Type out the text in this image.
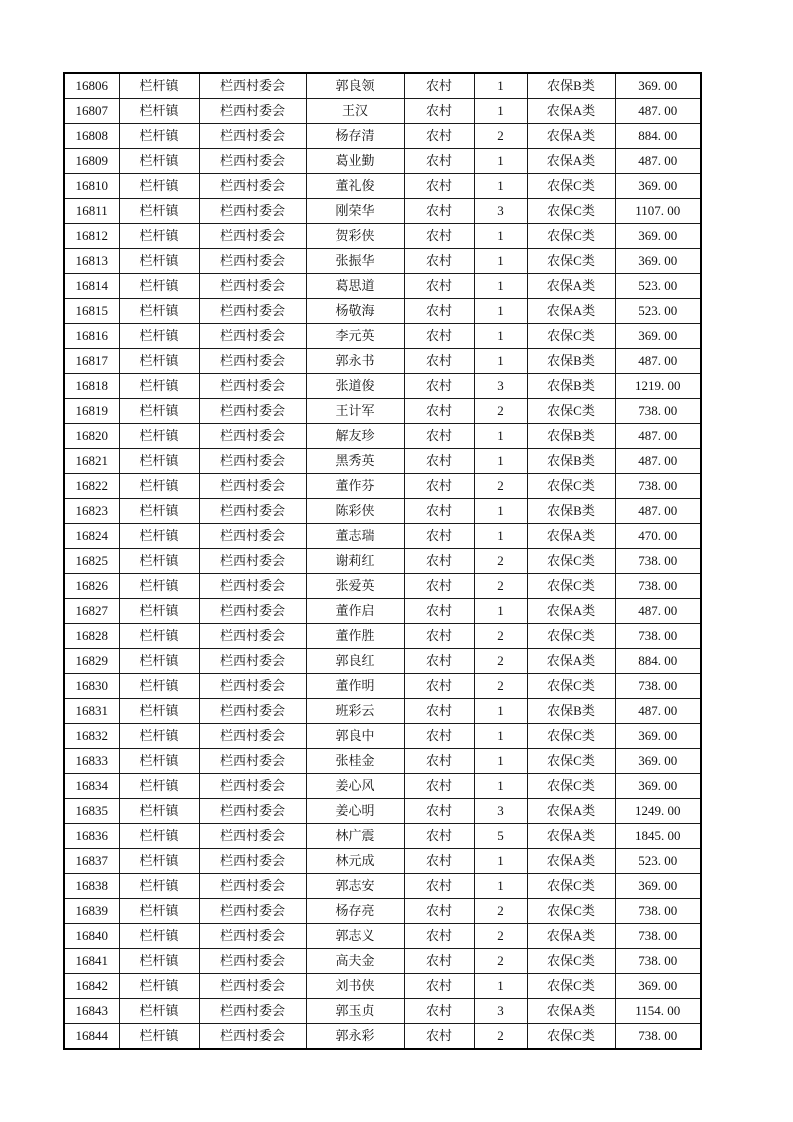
16806	栏杆镇	栏西村委会	郭良领	农村	1	农保B类	369. 00
16807	栏杆镇	栏西村委会	王汉	农村	1	农保A类	487. 00
16808	栏杆镇	栏西村委会	杨存清	农村	2	农保A类	884. 00
16809	栏杆镇	栏西村委会	葛业勤	农村	1	农保A类	487. 00
16810	栏杆镇	栏西村委会	董礼俊	农村	1	农保C类	369. 00
16811	栏杆镇	栏西村委会	刚荣华	农村	3	农保C类	1107. 00
16812	栏杆镇	栏西村委会	贺彩侠	农村	1	农保C类	369. 00
16813	栏杆镇	栏西村委会	张振华	农村	1	农保C类	369. 00
16814	栏杆镇	栏西村委会	葛思道	农村	1	农保A类	523. 00
16815	栏杆镇	栏西村委会	杨敬海	农村	1	农保A类	523. 00
16816	栏杆镇	栏西村委会	李元英	农村	1	农保C类	369. 00
16817	栏杆镇	栏西村委会	郭永书	农村	1	农保B类	487. 00
16818	栏杆镇	栏西村委会	张道俊	农村	3	农保B类	1219. 00
16819	栏杆镇	栏西村委会	王计军	农村	2	农保C类	738. 00
16820	栏杆镇	栏西村委会	解友珍	农村	1	农保B类	487. 00
16821	栏杆镇	栏西村委会	黑秀英	农村	1	农保B类	487. 00
16822	栏杆镇	栏西村委会	董作芬	农村	2	农保C类	738. 00
16823	栏杆镇	栏西村委会	陈彩侠	农村	1	农保B类	487. 00
16824	栏杆镇	栏西村委会	董志瑞	农村	1	农保A类	470. 00
16825	栏杆镇	栏西村委会	谢莉红	农村	2	农保C类	738. 00
16826	栏杆镇	栏西村委会	张爱英	农村	2	农保C类	738. 00
16827	栏杆镇	栏西村委会	董作启	农村	1	农保A类	487. 00
16828	栏杆镇	栏西村委会	董作胜	农村	2	农保C类	738. 00
16829	栏杆镇	栏西村委会	郭良红	农村	2	农保A类	884. 00
16830	栏杆镇	栏西村委会	董作明	农村	2	农保C类	738. 00
16831	栏杆镇	栏西村委会	班彩云	农村	1	农保B类	487. 00
16832	栏杆镇	栏西村委会	郭良中	农村	1	农保C类	369. 00
16833	栏杆镇	栏西村委会	张桂金	农村	1	农保C类	369. 00
16834	栏杆镇	栏西村委会	姜心风	农村	1	农保C类	369. 00
16835	栏杆镇	栏西村委会	姜心明	农村	3	农保A类	1249. 00
16836	栏杆镇	栏西村委会	林广震	农村	5	农保A类	1845. 00
16837	栏杆镇	栏西村委会	林元成	农村	1	农保A类	523. 00
16838	栏杆镇	栏西村委会	郭志安	农村	1	农保C类	369. 00
16839	栏杆镇	栏西村委会	杨存亮	农村	2	农保C类	738. 00
16840	栏杆镇	栏西村委会	郭志义	农村	2	农保A类	738. 00
16841	栏杆镇	栏西村委会	高夫金	农村	2	农保C类	738. 00
16842	栏杆镇	栏西村委会	刘书侠	农村	1	农保C类	369. 00
16843	栏杆镇	栏西村委会	郭玉贞	农村	3	农保A类	1154. 00
16844	栏杆镇	栏西村委会	郭永彩	农村	2	农保C类	738. 00
